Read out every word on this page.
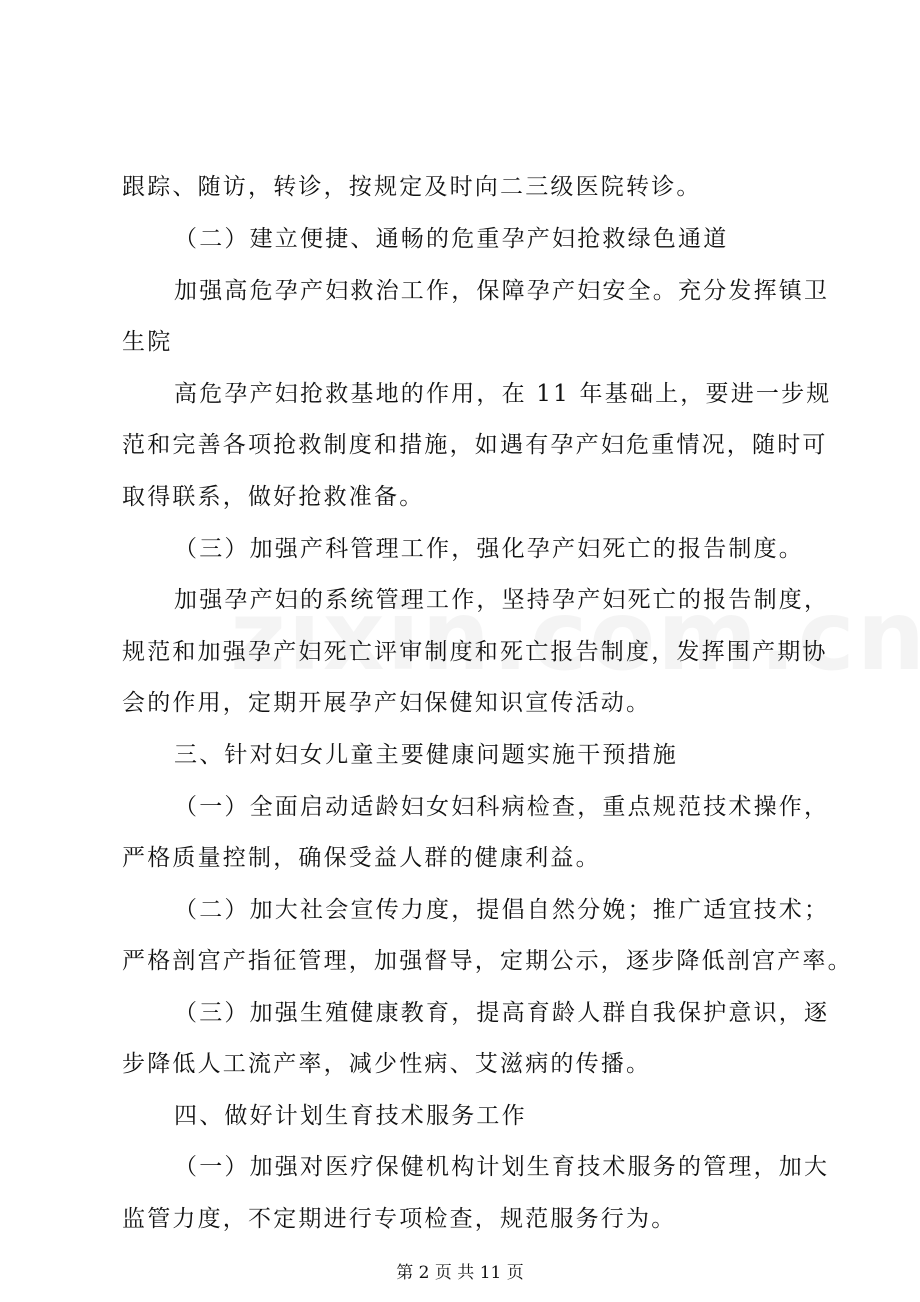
跟踪、随访，转诊，按规定及时向二三级医院转诊。
（二）建立便捷、通畅的危重孕产妇抢救绿色通道
加强高危孕产妇救治工作，保障孕产妇安全。充分发挥镇卫
生院
高危孕产妇抢救基地的作用，在 11 年基础上，要进一步规
范和完善各项抢救制度和措施，如遇有孕产妇危重情况，随时可
取得联系，做好抢救准备。
（三）加强产科管理工作，强化孕产妇死亡的报告制度。
加强孕产妇的系统管理工作，坚持孕产妇死亡的报告制度，
规范和加强孕产妇死亡评审制度和死亡报告制度，发挥围产期协
会的作用，定期开展孕产妇保健知识宣传活动。
三、针对妇女儿童主要健康问题实施干预措施
（一）全面启动适龄妇女妇科病检查，重点规范技术操作，
严格质量控制，确保受益人群的健康利益。
（二）加大社会宣传力度，提倡自然分娩；推广适宜技术；
严格剖宫产指征管理，加强督导，定期公示，逐步降低剖宫产率。
（三）加强生殖健康教育，提高育龄人群自我保护意识，逐
步降低人工流产率，减少性病、艾滋病的传播。
四、做好计划生育技术服务工作
（一）加强对医疗保健机构计划生育技术服务的管理，加大
监管力度，不定期进行专项检查，规范服务行为。
第 2 页 共 11 页
